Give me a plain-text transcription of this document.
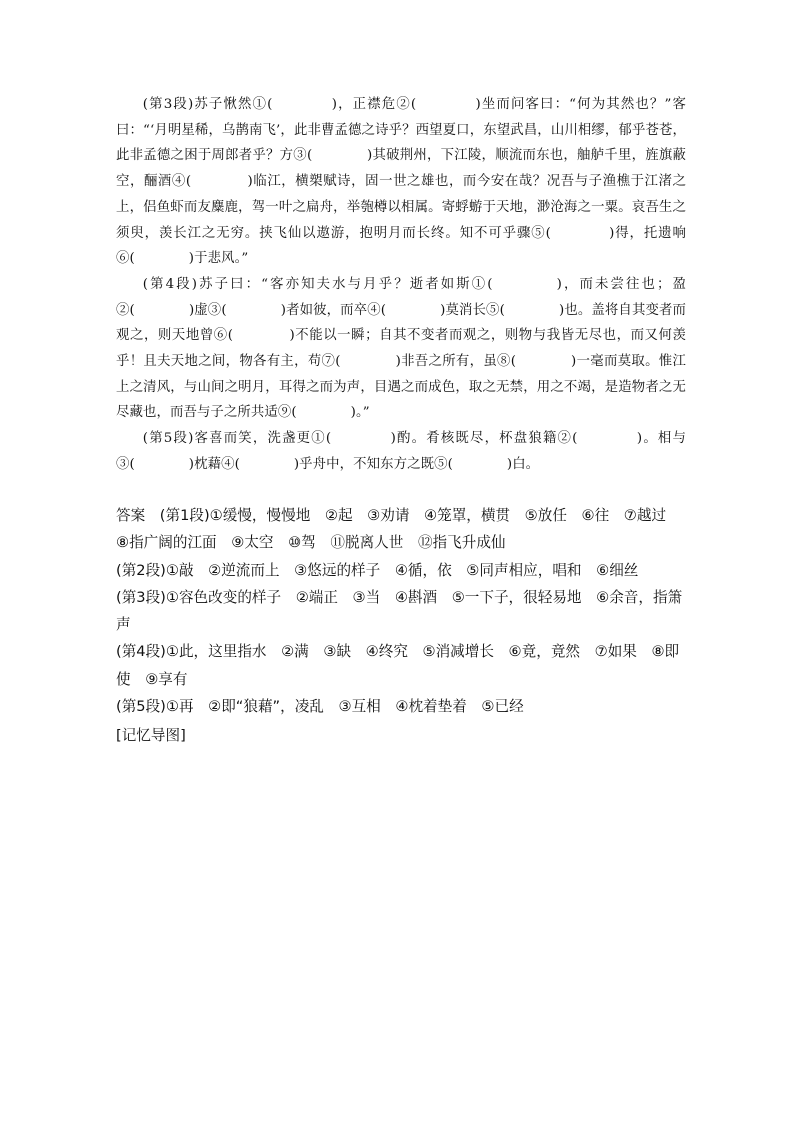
(第3段)苏子愀然①(　　　　)，正襟危②(　　　　)坐而问客曰：“何为其然也？”客曰：“‘月明星稀，乌鹊南飞’，此非曹孟德之诗乎？西望夏口，东望武昌，山川相缪，郁乎苍苍，此非孟德之困于周郎者乎？方③(　　　　)其破荆州，下江陵，顺流而东也，舳舻千里，旌旗蔽空，酾酒④(　　　　)临江，横槊赋诗，固一世之雄也，而今安在哉？况吾与子渔樵于江渚之上，侣鱼虾而友麋鹿，驾一叶之扁舟，举匏樽以相属。寄蜉蝣于天地，渺沧海之一粟。哀吾生之须臾，羡长江之无穷。挟飞仙以遨游，抱明月而长终。知不可乎骤⑤(　　　　)得，托遗响⑥(　　　　)于悲风。”

(第4段)苏子曰：“客亦知夫水与月乎？逝者如斯①(　　　　)，而未尝往也；盈②(　　　　)虚③(　　　　)者如彼，而卒④(　　　　)莫消长⑤(　　　　)也。盖将自其变者而观之，则天地曾⑥(　　　　)不能以一瞬；自其不变者而观之，则物与我皆无尽也，而又何羡乎！且夫天地之间，物各有主，苟⑦(　　　　)非吾之所有，虽⑧(　　　　)一毫而莫取。惟江上之清风，与山间之明月，耳得之而为声，目遇之而成色，取之无禁，用之不竭，是造物者之无尽藏也，而吾与子之所共适⑨(　　　　)。”

(第5段)客喜而笑，洗盏更①(　　　　)酌。肴核既尽，杯盘狼籍②(　　　　)。相与③(　　　　)枕藉④(　　　　)乎舟中，不知东方之既⑤(　　　　)白。

答案　(第1段)①缓慢，慢慢地　②起　③劝请　④笼罩，横贯　⑤放任　⑥往　⑦越过　⑧指广阔的江面　⑨太空　⑩驾　⑪脱离人世　⑫指飞升成仙

(第2段)①敲　②逆流而上　③悠远的样子　④循，依　⑤同声相应，唱和　⑥细丝

(第3段)①容色改变的样子　②端正　③当　④斟酒　⑤一下子，很轻易地　⑥余音，指箫声

(第4段)①此，这里指水　②满　③缺　④终究　⑤消减增长　⑥竟，竟然　⑦如果　⑧即使　⑨享有

(第5段)①再　②即“狼藉”，凌乱　③互相　④枕着垫着　⑤已经

[记忆导图]
